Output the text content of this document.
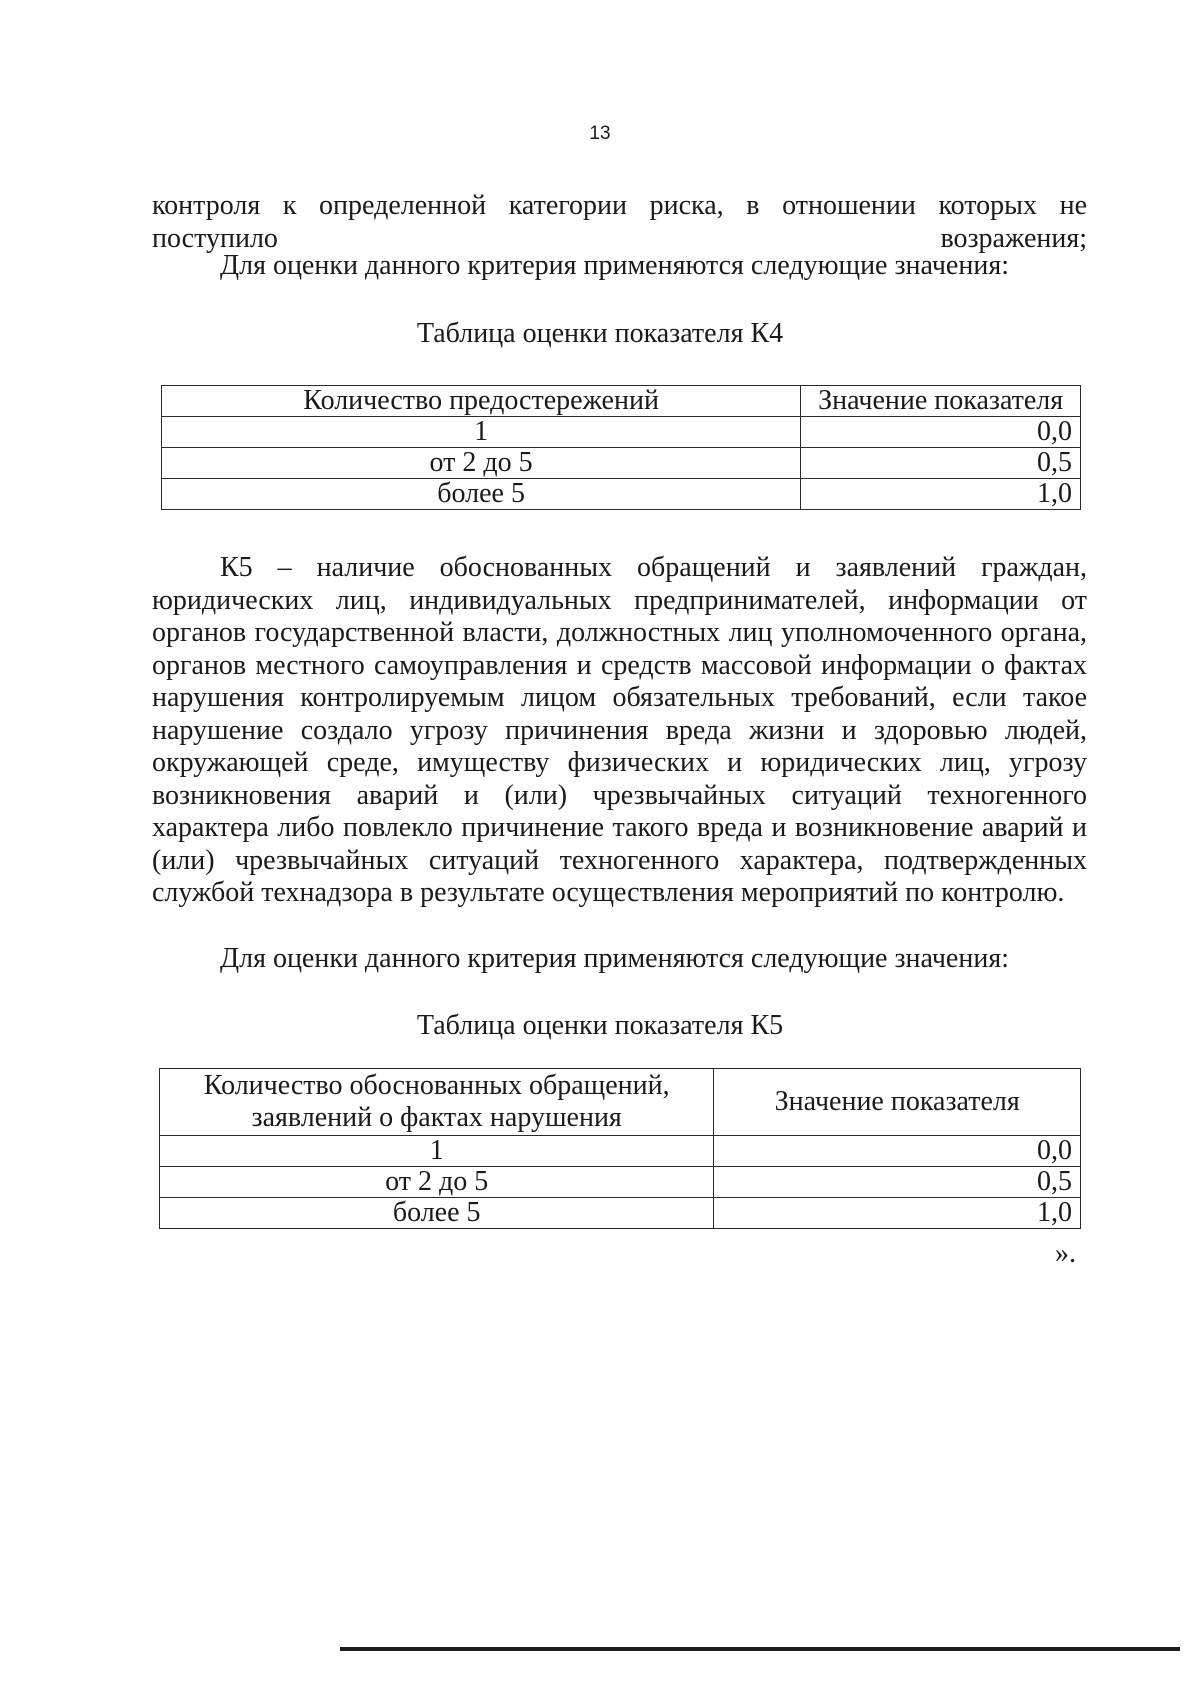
13

контроля к определенной категории риска, в отношении которых не поступило возражения;

Для оценки данного критерия применяются следующие значения:

Таблица оценки показателя К4
Количество предостережений	Значение показателя
1	0,0
от 2 до 5	0,5
более 5	1,0

К5 – наличие обоснованных обращений и заявлений граждан, юридических лиц, индивидуальных предпринимателей, информации от органов государственной власти, должностных лиц уполномоченного органа, органов местного самоуправления и средств массовой информации о фактах нарушения контролируемым лицом обязательных требований, если такое нарушение создало угрозу причинения вреда жизни и здоровью людей, окружающей среде, имуществу физических и юридических лиц, угрозу возникновения аварий и (или) чрезвычайных ситуаций техногенного характера либо повлекло причинение такого вреда и возникновение аварий и (или) чрезвычайных ситуаций техногенного характера, подтвержденных службой технадзора в результате осуществления мероприятий по контролю.

Для оценки данного критерия применяются следующие значения:

Таблица оценки показателя К5
Количество обоснованных обращений,
заявлений о фактах нарушения	Значение показателя
1	0,0
от 2 до 5	0,5
более 5	1,0
».
